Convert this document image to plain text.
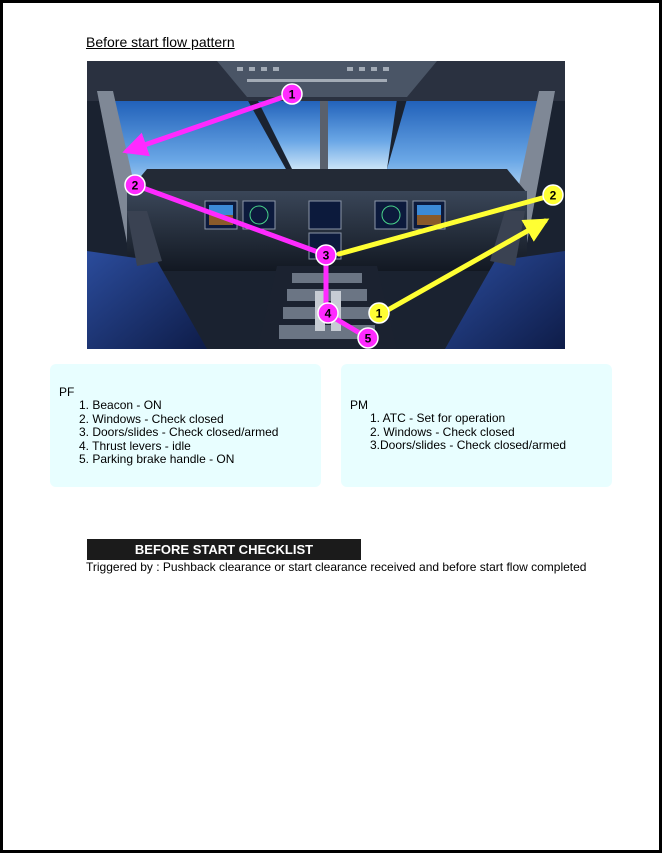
Before start flow pattern
1
2
3
4
5
1
2
PF
1. Beacon - ON
2. Windows - Check closed
3. Doors/slides - Check closed/armed
4. Thrust levers - idle
5. Parking brake handle - ON
PM
1. ATC - Set for operation
2. Windows - Check closed
3.Doors/slides - Check closed/armed
BEFORE START CHECKLIST
Triggered by : Pushback clearance or start clearance received and before start flow completed
